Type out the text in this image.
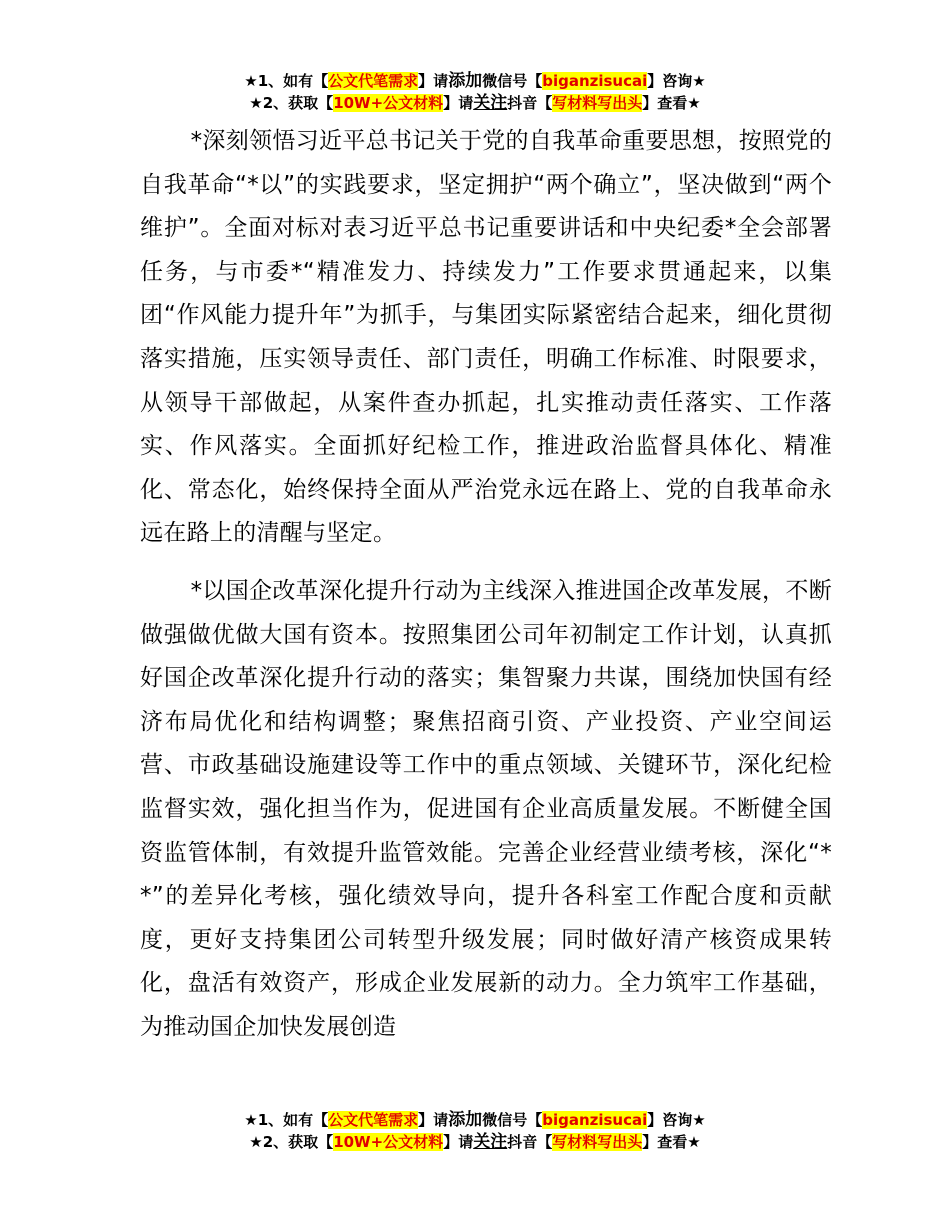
★1、如有【公文代笔需求】请添加微信号【biganzisucai】咨询★
★2、获取【10W+公文材料】请关注抖音【写材料写出头】查看★

*深刻领悟习近平总书记关于党的自我革命重要思想，按照党的自我革命“*以”的实践要求，坚定拥护“两个确立”，坚决做到“两个维护”。全面对标对表习近平总书记重要讲话和中央纪委*全会部署任务，与市委*“精准发力、持续发力”工作要求贯通起来，以集团“作风能力提升年”为抓手，与集团实际紧密结合起来，细化贯彻落实措施，压实领导责任、部门责任，明确工作标准、时限要求，从领导干部做起，从案件查办抓起，扎实推动责任落实、工作落实、作风落实。全面抓好纪检工作，推进政治监督具体化、精准化、常态化，始终保持全面从严治党永远在路上、党的自我革命永远在路上的清醒与坚定。

*以国企改革深化提升行动为主线深入推进国企改革发展，不断做强做优做大国有资本。按照集团公司年初制定工作计划，认真抓好国企改革深化提升行动的落实；集智聚力共谋，围绕加快国有经济布局优化和结构调整；聚焦招商引资、产业投资、产业空间运营、市政基础设施建设等工作中的重点领域、关键环节，深化纪检监督实效，强化担当作为，促进国有企业高质量发展。不断健全国资监管体制，有效提升监管效能。完善企业经营业绩考核，深化“**”的差异化考核，强化绩效导向，提升各科室工作配合度和贡献度，更好支持集团公司转型升级发展；同时做好清产核资成果转化，盘活有效资产，形成企业发展新的动力。全力筑牢工作基础，为推动国企加快发展创造

★1、如有【公文代笔需求】请添加微信号【biganzisucai】咨询★
★2、获取【10W+公文材料】请关注抖音【写材料写出头】查看★
